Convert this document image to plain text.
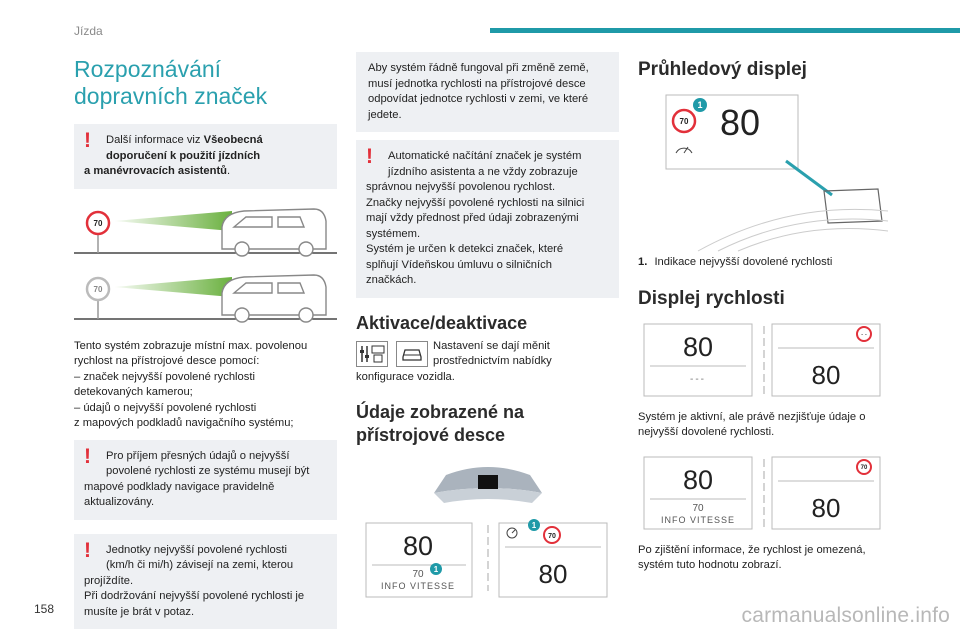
Jízda
Rozpoznávání dopravních značek
!	Další informace viz Všeobecná
doporučení k použití jízdních
a manévrovacích asistentů.
70
70
Tento systém zobrazuje místní max. povolenou
rychlost na přístrojové desce pomocí:
– značek nejvyšší povolené rychlosti
detekovaných kamerou;
– údajů o nejvyšší povolené rychlosti
z mapových podkladů navigačního systému;
!	Pro příjem přesných údajů o nejvyšší
povolené rychlosti ze systému musejí být
mapové podklady navigace pravidelně
aktualizovány.
!	Jednotky nejvyšší povolené rychlosti
(km/h či mi/h) závisejí na zemi, kterou
projíždíte.
Při dodržování nejvyšší povolené rychlosti je
musíte je brát v potaz.
Aby systém řádně fungoval při změně země,
musí jednotka rychlosti na přístrojové desce
odpovídat jednotce rychlosti v zemi, ve které
jedete.
!	Automatické načítání značek je systém
jízdního asistenta a ne vždy zobrazuje
správnou nejvyšší povolenou rychlost.
Značky nejvyšší povolené rychlosti na silnici
mají vždy přednost před údaji zobrazenými
systémem.
Systém je určen k detekci značek, které
splňují Vídeňskou úmluvu o silničních
značkách.
Aktivace/deaktivace
Nastavení se dají měnit
prostřednictvím nabídky
konfigurace vozidla.
Údaje zobrazené na
přístrojové desce
80
70
INFO VITESSE
1
70
1
80
Průhledový displej
70
1 80
1. Indikace nejvyšší dovolené rychlosti
Displej rychlosti
80
---
- -
80
Systém je aktivní, ale právě nezjišťuje údaje o
nejvyšší dovolené rychlosti.
80
70
INFO VITESSE
70
80
Po zjištění informace, že rychlost je omezená,
systém tuto hodnotu zobrazí.
158	carmanualsonline.info
